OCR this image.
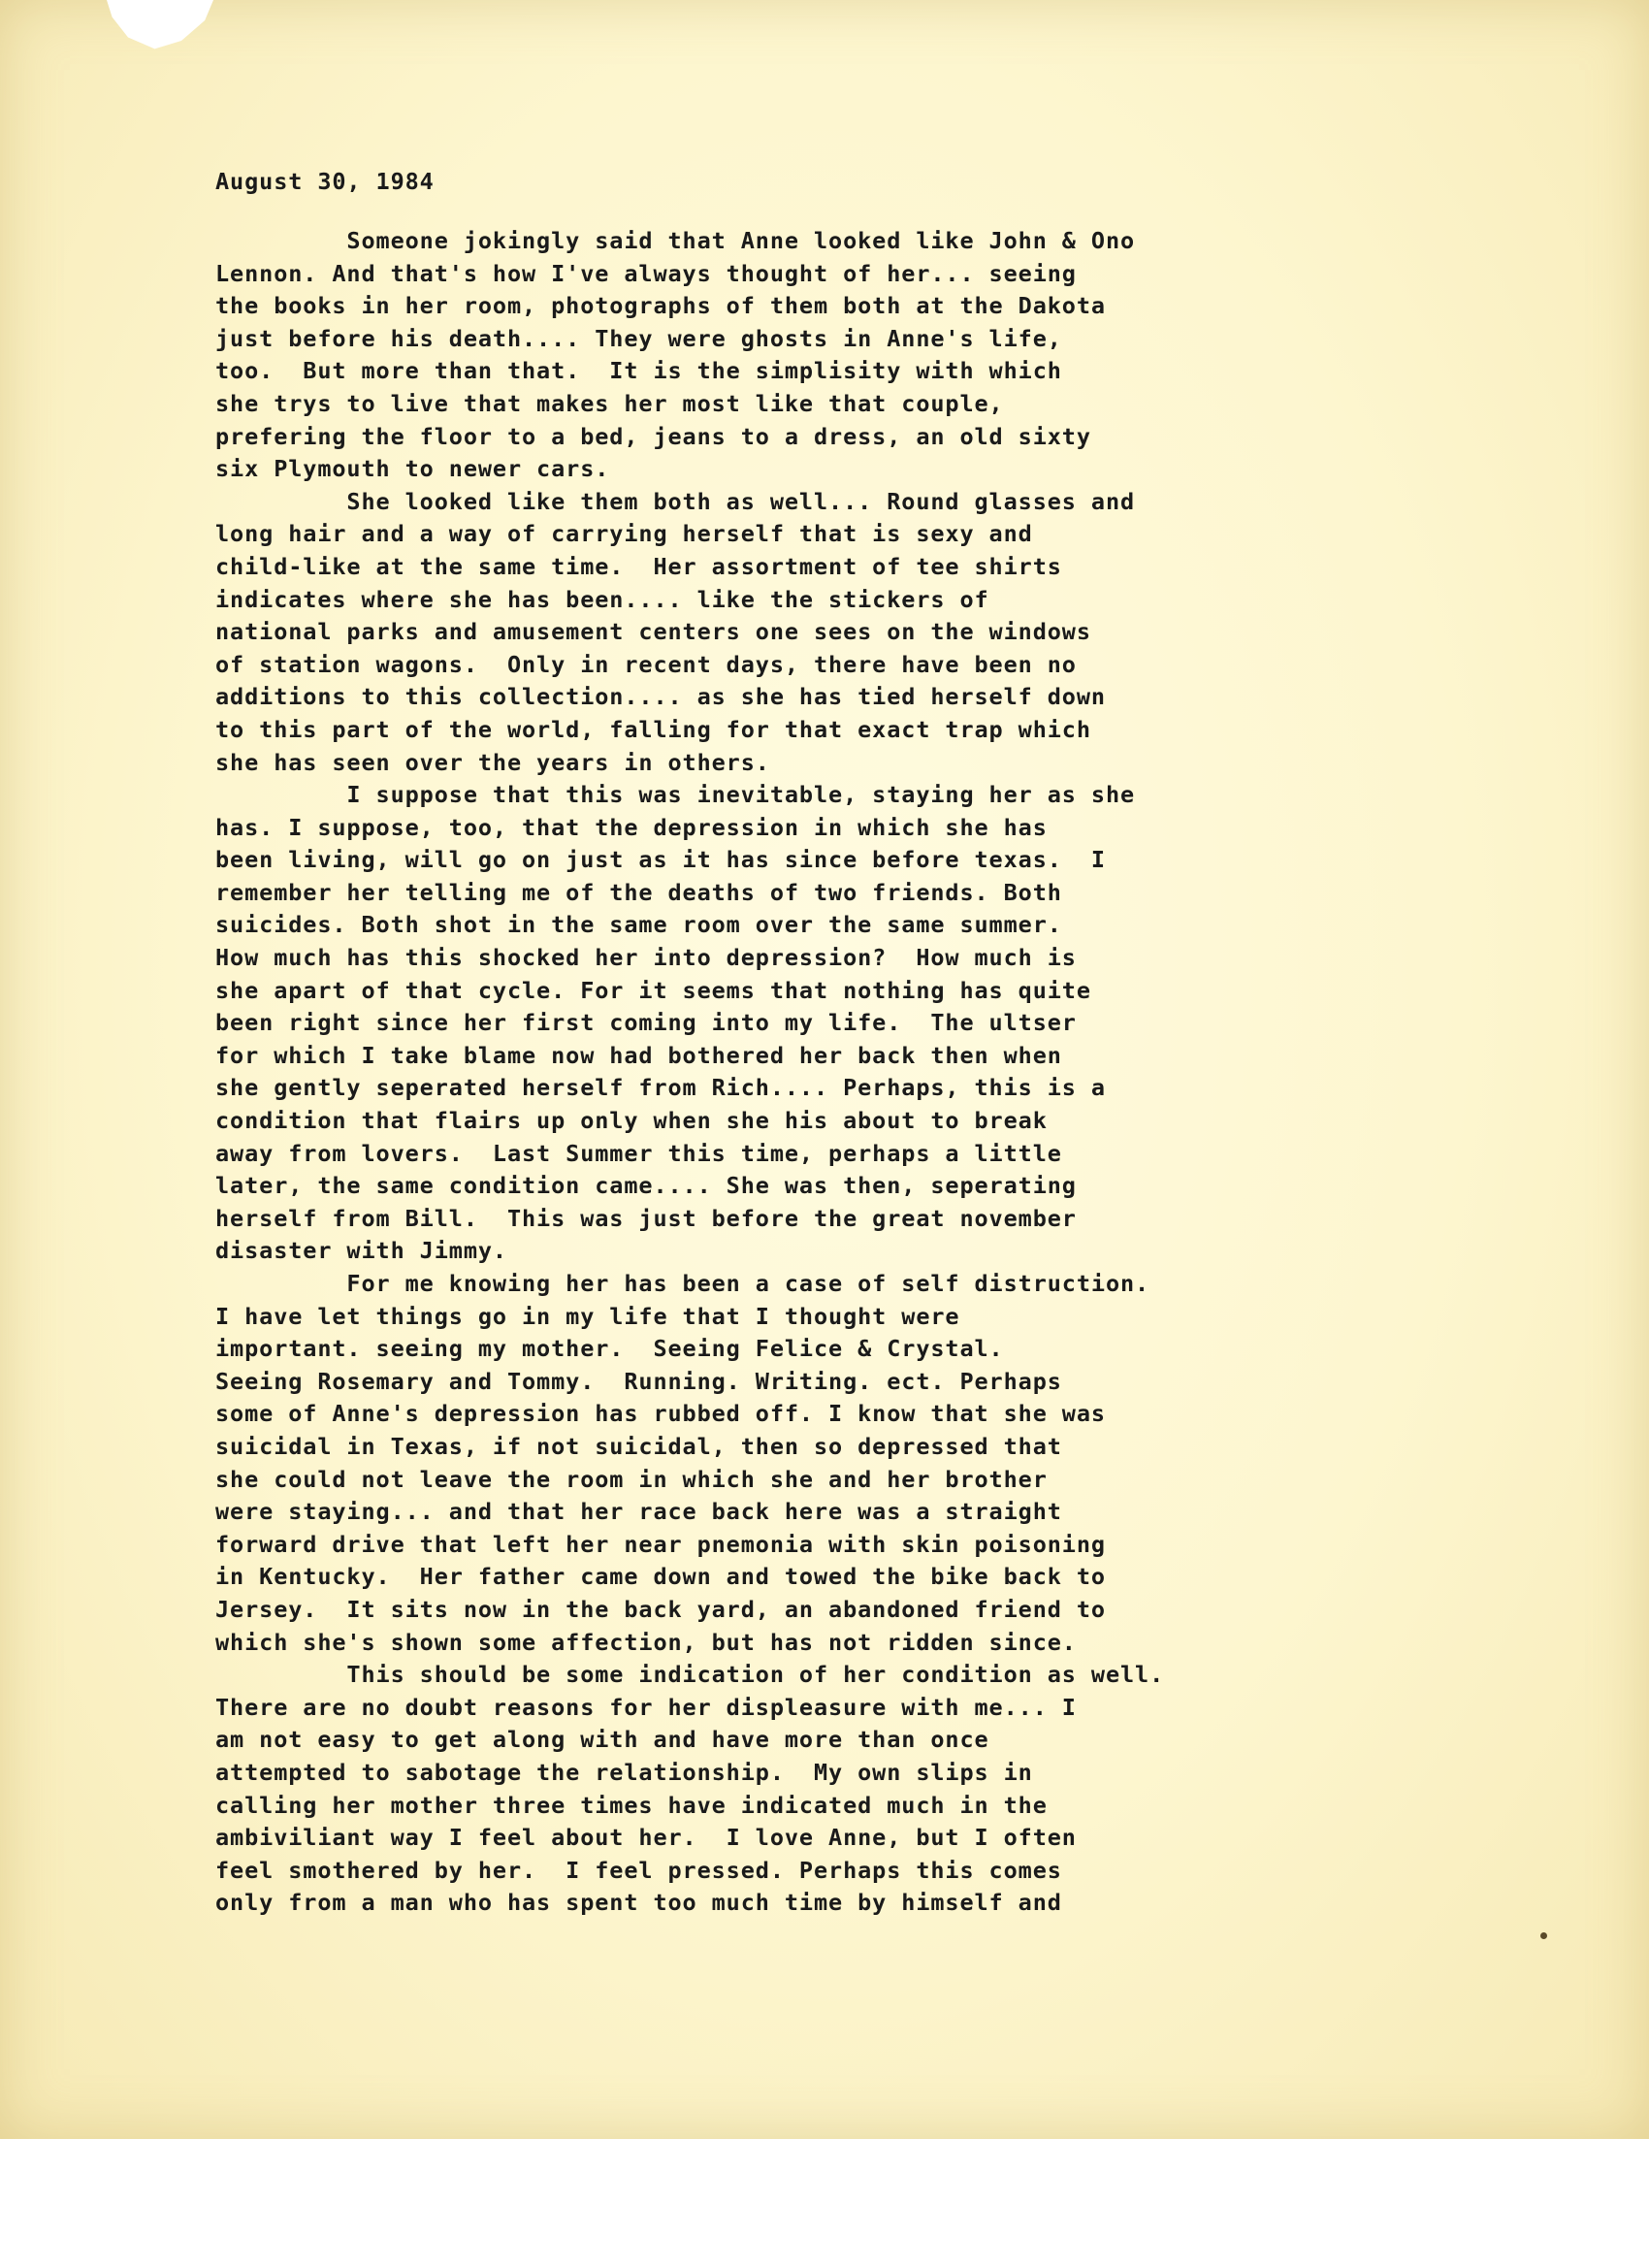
August 30, 1984
Someone jokingly said that Anne looked like John & Ono
Lennon. And that's how I've always thought of her... seeing
the books in her room, photographs of them both at the Dakota
just before his death.... They were ghosts in Anne's life,
too.  But more than that.  It is the simplisity with which
she trys to live that makes her most like that couple,
prefering the floor to a bed, jeans to a dress, an old sixty
six Plymouth to newer cars.
She looked like them both as well... Round glasses and
long hair and a way of carrying herself that is sexy and
child-like at the same time.  Her assortment of tee shirts
indicates where she has been.... like the stickers of
national parks and amusement centers one sees on the windows
of station wagons.  Only in recent days, there have been no
additions to this collection.... as she has tied herself down
to this part of the world, falling for that exact trap which
she has seen over the years in others.
I suppose that this was inevitable, staying her as she
has. I suppose, too, that the depression in which she has
been living, will go on just as it has since before texas.  I
remember her telling me of the deaths of two friends. Both
suicides. Both shot in the same room over the same summer.
How much has this shocked her into depression?  How much is
she apart of that cycle. For it seems that nothing has quite
been right since her first coming into my life.  The ultser
for which I take blame now had bothered her back then when
she gently seperated herself from Rich.... Perhaps, this is a
condition that flairs up only when she his about to break
away from lovers.  Last Summer this time, perhaps a little
later, the same condition came.... She was then, seperating
herself from Bill.  This was just before the great november
disaster with Jimmy.
For me knowing her has been a case of self distruction.
I have let things go in my life that I thought were
important. seeing my mother.  Seeing Felice & Crystal.
Seeing Rosemary and Tommy.  Running. Writing. ect. Perhaps
some of Anne's depression has rubbed off. I know that she was
suicidal in Texas, if not suicidal, then so depressed that
she could not leave the room in which she and her brother
were staying... and that her race back here was a straight
forward drive that left her near pnemonia with skin poisoning
in Kentucky.  Her father came down and towed the bike back to
Jersey.  It sits now in the back yard, an abandoned friend to
which she's shown some affection, but has not ridden since.
This should be some indication of her condition as well.
There are no doubt reasons for her displeasure with me... I
am not easy to get along with and have more than once
attempted to sabotage the relationship.  My own slips in
calling her mother three times have indicated much in the
ambiviliant way I feel about her.  I love Anne, but I often
feel smothered by her.  I feel pressed. Perhaps this comes
only from a man who has spent too much time by himself and
